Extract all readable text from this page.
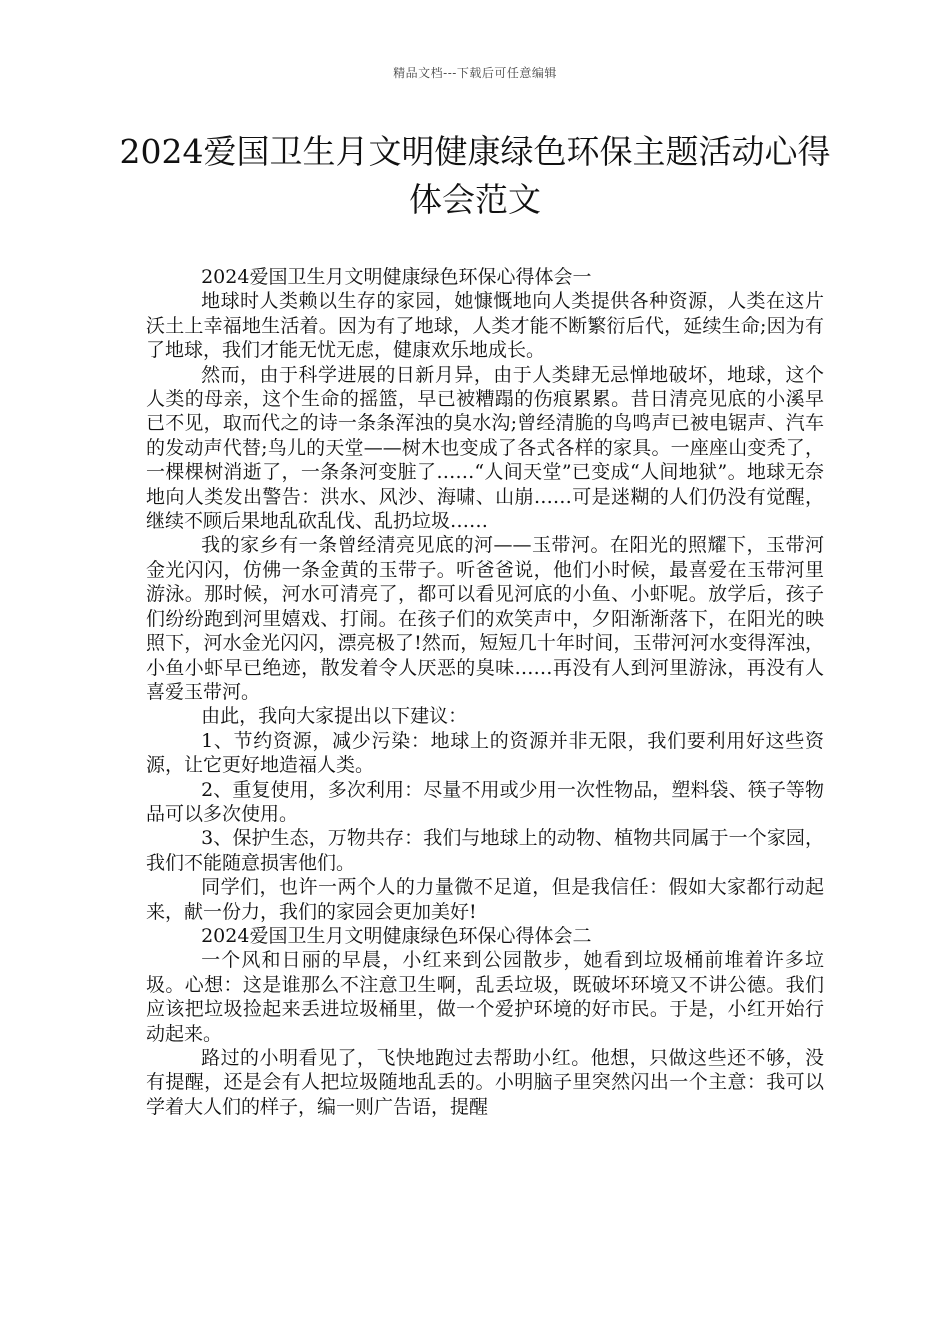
精品文档---下载后可任意编辑
2024爱国卫生月文明健康绿色环保主题活动心得体会范文

2024爱国卫生月文明健康绿色环保心得体会一

地球时人类赖以生存的家园，她慷慨地向人类提供各种资源，人类在这片沃土上幸福地生活着。因为有了地球，人类才能不断繁衍后代，延续生命;因为有了地球，我们才能无忧无虑，健康欢乐地成长。

然而，由于科学进展的日新月异，由于人类肆无忌惮地破坏，地球，这个人类的母亲，这个生命的摇篮，早已被糟蹋的伤痕累累。昔日清亮见底的小溪早已不见，取而代之的诗一条条浑浊的臭水沟;曾经清脆的鸟鸣声已被电锯声、汽车的发动声代替;鸟儿的天堂——树木也变成了各式各样的家具。一座座山变秃了，一棵棵树消逝了，一条条河变脏了……“人间天堂”已变成“人间地狱”。地球无奈地向人类发出警告：洪水、风沙、海啸、山崩……可是迷糊的人们仍没有觉醒，继续不顾后果地乱砍乱伐、乱扔垃圾……

我的家乡有一条曾经清亮见底的河——玉带河。在阳光的照耀下，玉带河金光闪闪，仿佛一条金黄的玉带子。听爸爸说，他们小时候，最喜爱在玉带河里游泳。那时候，河水可清亮了，都可以看见河底的小鱼、小虾呢。放学后，孩子们纷纷跑到河里嬉戏、打闹。在孩子们的欢笑声中，夕阳渐渐落下，在阳光的映照下，河水金光闪闪，漂亮极了!然而，短短几十年时间，玉带河河水变得浑浊，小鱼小虾早已绝迹，散发着令人厌恶的臭味……再没有人到河里游泳，再没有人喜爱玉带河。

由此，我向大家提出以下建议：

1、节约资源，减少污染：地球上的资源并非无限，我们要利用好这些资源，让它更好地造福人类。

2、重复使用，多次利用：尽量不用或少用一次性物品，塑料袋、筷子等物品可以多次使用。

3、保护生态，万物共存：我们与地球上的动物、植物共同属于一个家园，我们不能随意损害他们。

同学们，也许一两个人的力量微不足道，但是我信任：假如大家都行动起来，献一份力，我们的家园会更加美好!

2024爱国卫生月文明健康绿色环保心得体会二

一个风和日丽的早晨，小红来到公园散步，她看到垃圾桶前堆着许多垃圾。心想：这是谁那么不注意卫生啊，乱丢垃圾，既破坏环境又不讲公德。我们应该把垃圾捡起来丢进垃圾桶里，做一个爱护环境的好市民。于是，小红开始行动起来。

路过的小明看见了，飞快地跑过去帮助小红。他想，只做这些还不够，没有提醒，还是会有人把垃圾随地乱丢的。小明脑子里突然闪出一个主意：我可以学着大人们的样子，编一则广告语，提醒
